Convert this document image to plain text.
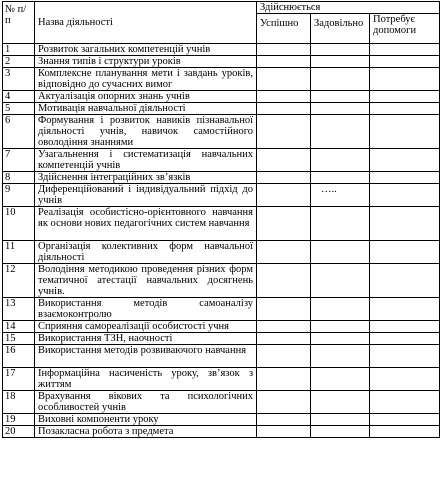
№ п/п	Назва діяльності	Здійснюється		
		Успішно	Задовільно	Потребує допомоги
1	Розвиток загальних компетенцій учнів			
2	Знання типів і структури уроків			
3	Комплексне планування мети і завдань уроків, відповідно до сучасних вимог			
4	Актуалізація опорних знань учнів			
5	Мотивація навчальної діяльності			
6	Формування і розвиток навиків пізнавальної діяльності учнів, навичок самостійного оволодіння знаннями			
7	Узагальнення і систематизація навчальних компетенцій учнів			
8	Здійснення інтеграційних зв’язків			
9	Диференційований і індивідуальний підхід до учнів		…..	
10	Реалізація особистісно-орієнтовного навчання як основи нових педагогічних систем навчання			
11	Організація колективних форм навчальної діяльності			
12	Володіння методикою проведення різних форм тематичної атестації навчальних досягнень учнів.			
13	Використання методів самоаналізу взаємоконтролю			
14	Сприяння самореалізації особистості учня			
15	Використання ТЗН, наочності			
16	Використання методів розвиваючого навчання			
17	Інформаційна насиченість уроку, зв’язок з життям			
18	Врахування вікових та психологічних особливостей учнів			
19	Виховні компоненти уроку			
20	Позакласна робота з предмета			
